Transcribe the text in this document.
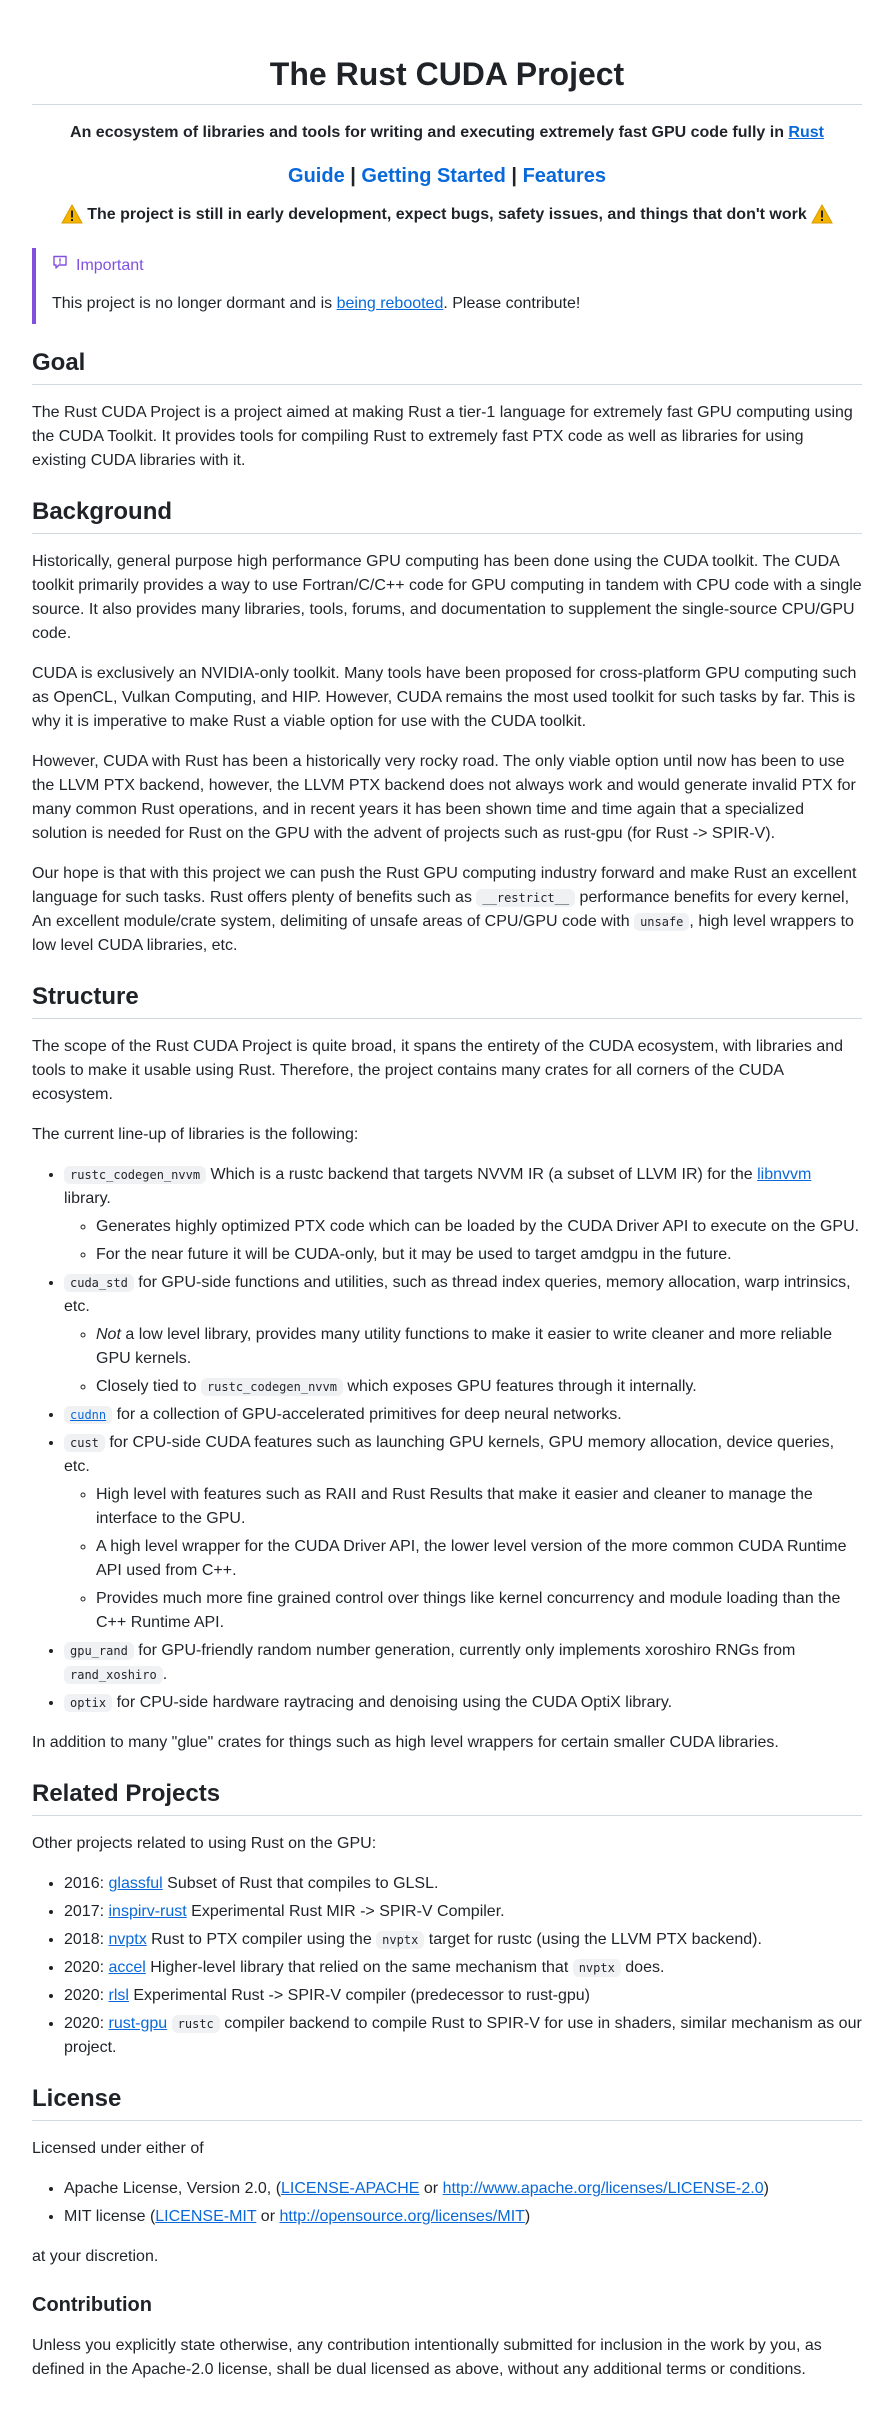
The Rust CUDA Project

An ecosystem of libraries and tools for writing and executing extremely fast GPU code fully in Rust

Guide | Getting Started | Features

The project is still in early development, expect bugs, safety issues, and things that don't work

Important

This project is no longer dormant and is being rebooted. Please contribute!

Goal

The Rust CUDA Project is a project aimed at making Rust a tier-1 language for extremely fast GPU computing using the CUDA Toolkit. It provides tools for compiling Rust to extremely fast PTX code as well as libraries for using existing CUDA libraries with it.

Background

Historically, general purpose high performance GPU computing has been done using the CUDA toolkit. The CUDA toolkit primarily provides a way to use Fortran/C/C++ code for GPU computing in tandem with CPU code with a single source. It also provides many libraries, tools, forums, and documentation to supplement the single-source CPU/GPU code.

CUDA is exclusively an NVIDIA-only toolkit. Many tools have been proposed for cross-platform GPU computing such as OpenCL, Vulkan Computing, and HIP. However, CUDA remains the most used toolkit for such tasks by far. This is why it is imperative to make Rust a viable option for use with the CUDA toolkit.

However, CUDA with Rust has been a historically very rocky road. The only viable option until now has been to use the LLVM PTX backend, however, the LLVM PTX backend does not always work and would generate invalid PTX for many common Rust operations, and in recent years it has been shown time and time again that a specialized solution is needed for Rust on the GPU with the advent of projects such as rust-gpu (for Rust -> SPIR-V).

Our hope is that with this project we can push the Rust GPU computing industry forward and make Rust an excellent language for such tasks. Rust offers plenty of benefits such as __restrict__ performance benefits for every kernel, An excellent module/crate system, delimiting of unsafe areas of CPU/GPU code with unsafe , high level wrappers to low level CUDA libraries, etc.

Structure

The scope of the Rust CUDA Project is quite broad, it spans the entirety of the CUDA ecosystem, with libraries and tools to make it usable using Rust. Therefore, the project contains many crates for all corners of the CUDA ecosystem.

The current line-up of libraries is the following:

• rustc_codegen_nvvm Which is a rustc backend that targets NVVM IR (a subset of LLVM IR) for the libnvvm library.
◦ Generates highly optimized PTX code which can be loaded by the CUDA Driver API to execute on the GPU.
◦ For the near future it will be CUDA-only, but it may be used to target amdgpu in the future.
• cuda_std for GPU-side functions and utilities, such as thread index queries, memory allocation, warp intrinsics, etc.
◦ Not a low level library, provides many utility functions to make it easier to write cleaner and more reliable GPU kernels.
◦ Closely tied to rustc_codegen_nvvm which exposes GPU features through it internally.
• cudnn for a collection of GPU-accelerated primitives for deep neural networks.
• cust for CPU-side CUDA features such as launching GPU kernels, GPU memory allocation, device queries, etc.
◦ High level with features such as RAII and Rust Results that make it easier and cleaner to manage the interface to the GPU.
◦ A high level wrapper for the CUDA Driver API, the lower level version of the more common CUDA Runtime API used from C++.
◦ Provides much more fine grained control over things like kernel concurrency and module loading than the C++ Runtime API.
• gpu_rand for GPU-friendly random number generation, currently only implements xoroshiro RNGs from rand_xoshiro .
• optix for CPU-side hardware raytracing and denoising using the CUDA OptiX library.

In addition to many "glue" crates for things such as high level wrappers for certain smaller CUDA libraries.

Related Projects

Other projects related to using Rust on the GPU:

• 2016: glassful Subset of Rust that compiles to GLSL.
• 2017: inspirv-rust Experimental Rust MIR -> SPIR-V Compiler.
• 2018: nvptx Rust to PTX compiler using the nvptx target for rustc (using the LLVM PTX backend).
• 2020: accel Higher-level library that relied on the same mechanism that nvptx does.
• 2020: rlsl Experimental Rust -> SPIR-V compiler (predecessor to rust-gpu)
• 2020: rust-gpu rustc compiler backend to compile Rust to SPIR-V for use in shaders, similar mechanism as our project.
License

Licensed under either of

• Apache License, Version 2.0, (LICENSE-APACHE or http://www.apache.org/licenses/LICENSE-2.0)
• MIT license (LICENSE-MIT or http://opensource.org/licenses/MIT)

at your discretion.

Contribution

Unless you explicitly state otherwise, any contribution intentionally submitted for inclusion in the work by you, as defined in the Apache-2.0 license, shall be dual licensed as above, without any additional terms or conditions.
